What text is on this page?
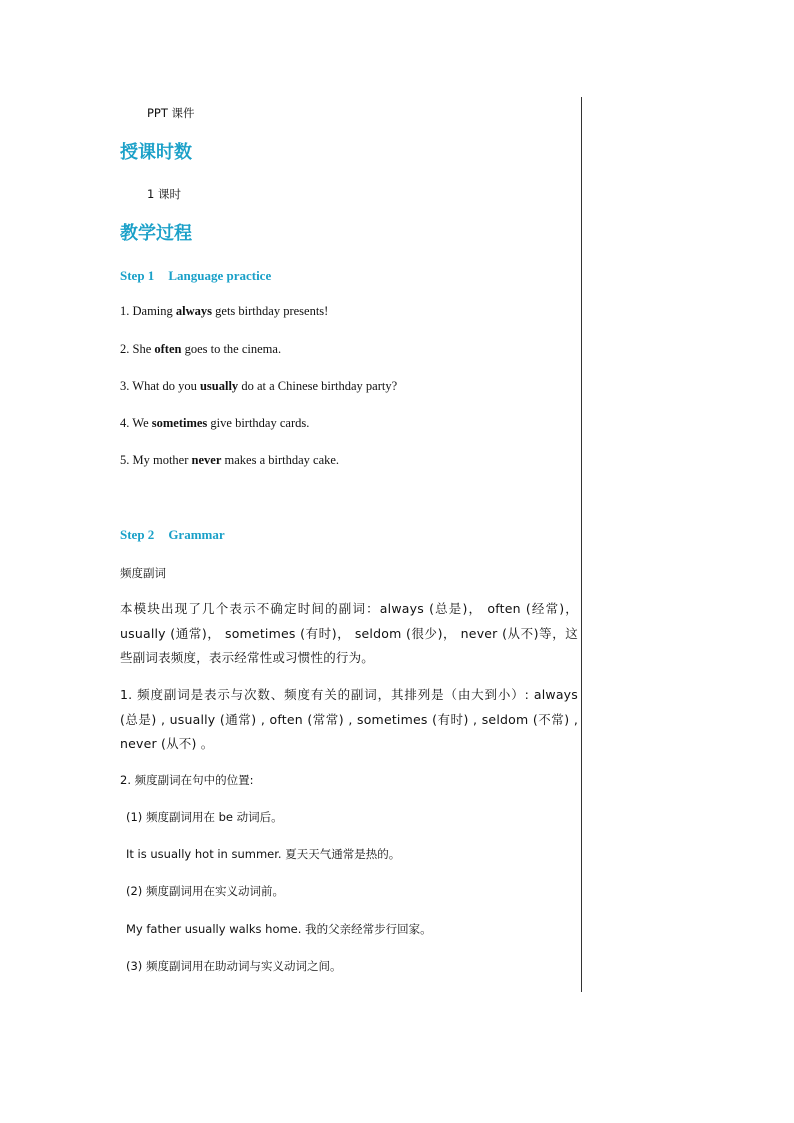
PPT 课件
授课时数
1 课时
教学过程
Step 1 Language practice
1. Daming always gets birthday presents!
2. She often goes to the cinema.
3. What do you usually do at a Chinese birthday party?
4. We sometimes give birthday cards.
5. My mother never makes a birthday cake.
Step 2 Grammar
频度副词
本模块出现了几个表示不确定时间的副词：always (总是)， often (经常)， usually (通常)， sometimes (有时)， seldom (很少)， never (从不)等，这些副词表频度，表示经常性或习惯性的行为。
1. 频度副词是表示与次数、频度有关的副词，其排列是（由大到小）: always (总是) , usually (通常) , often (常常) , sometimes (有时) , seldom (不常) , never (从不) 。
2. 频度副词在句中的位置:
(1) 频度副词用在 be 动词后。
It is usually hot in summer. 夏天天气通常是热的。
(2) 频度副词用在实义动词前。
My father usually walks home. 我的父亲经常步行回家。
(3) 频度副词用在助动词与实义动词之间。
